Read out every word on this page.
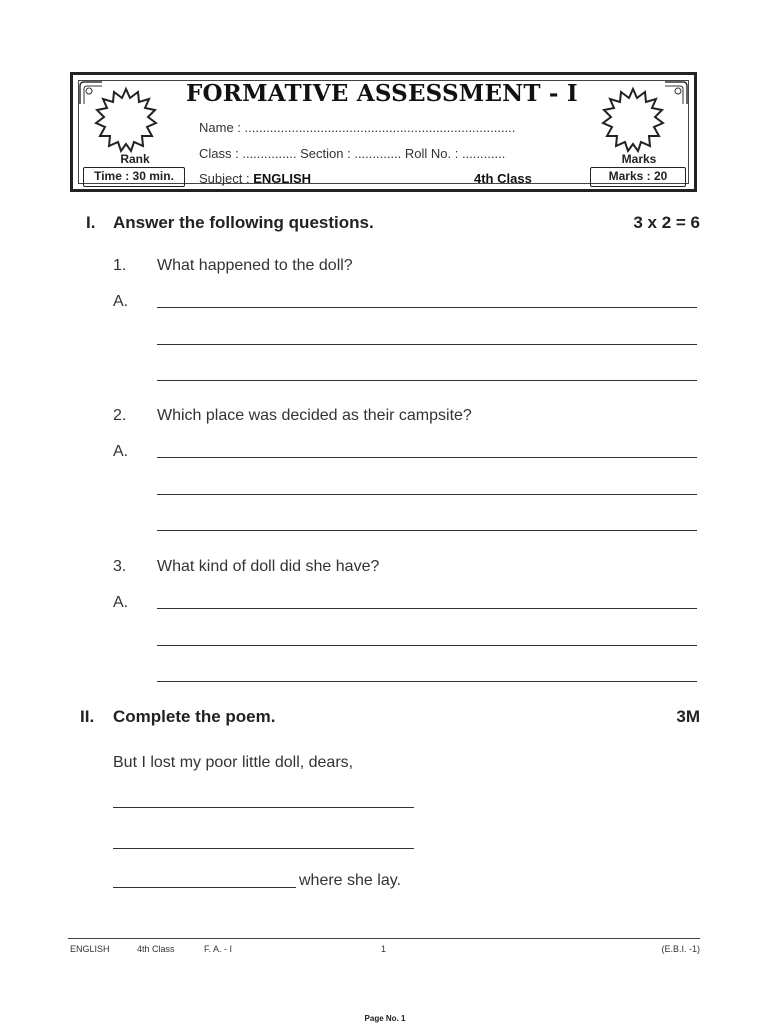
FORMATIVE ASSESSMENT - I
Name : ...........................................................................
Class : ............... Section : ............. Roll No. : ............
Subject : ENGLISH	4th Class
Rank	Marks
Time : 30 min.	Marks : 20
I. Answer the following questions.	3 x 2 = 6
1. What happened to the doll?
A.
2. Which place was decided as their campsite?
A.
3. What kind of doll did she have?
A.
II. Complete the poem.	3M
But I lost my poor little doll, dears,
where she lay.
ENGLISH	4th Class	F. A. - I	1	(E.B.I. -1)
Page No. 1
